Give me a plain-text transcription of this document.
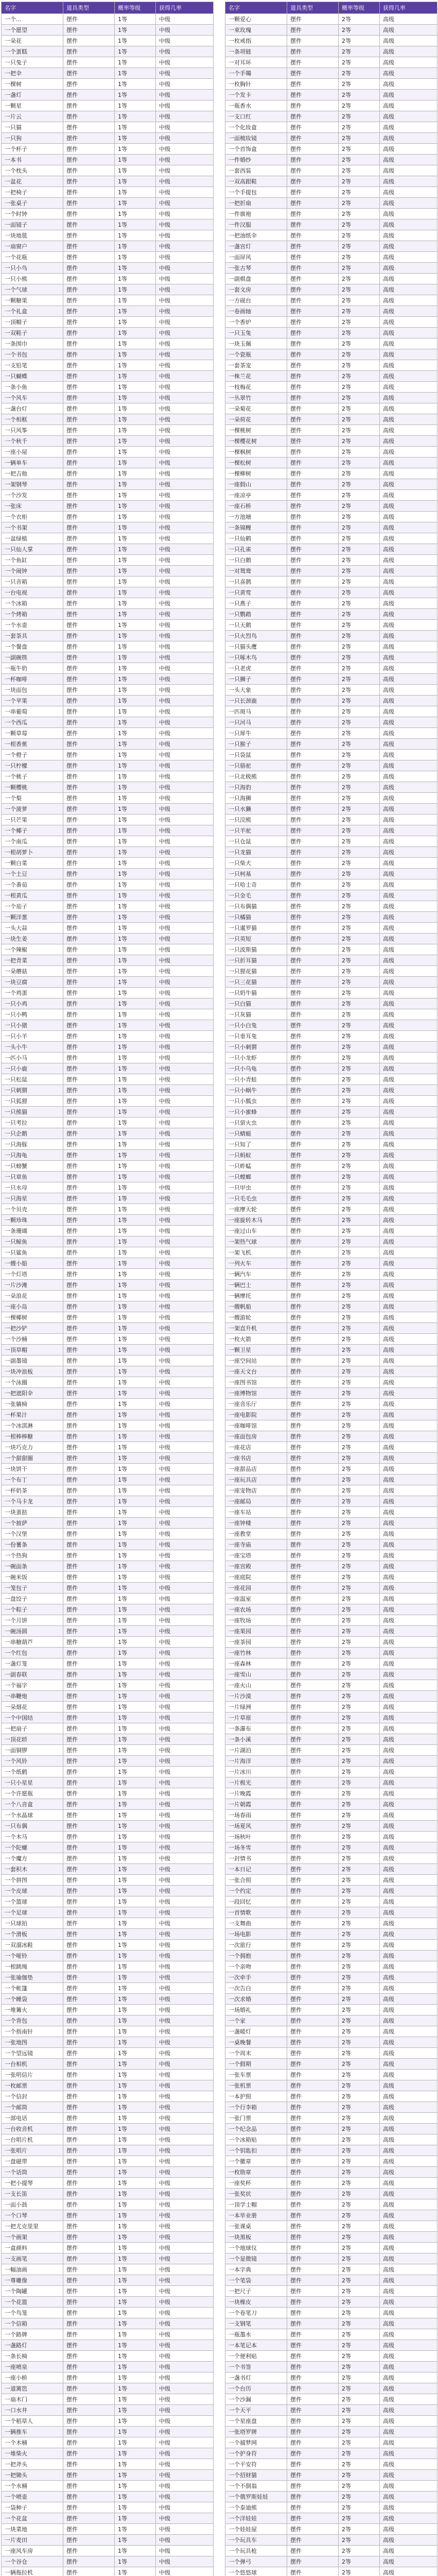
名字	道具类型	概率等级	获得几率
一个...	摆件	1等	中级
一个愿望	摆件	1等	中级
一朵花	摆件	1等	中级
一个蛋糕	摆件	1等	中级
一只兔子	摆件	1等	中级
一把伞	摆件	1等	中级
一棵树	摆件	1等	中级
一盏灯	摆件	1等	中级
一颗星	摆件	1等	中级
一片云	摆件	1等	中级
一只猫	摆件	1等	中级
一只狗	摆件	1等	中级
一个杯子	摆件	1等	中级
一本书	摆件	1等	中级
一个枕头	摆件	1等	中级
一盆花	摆件	1等	中级
一把椅子	摆件	1等	中级
一张桌子	摆件	1等	中级
一个时钟	摆件	1等	中级
一面镜子	摆件	1等	中级
一块地毯	摆件	1等	中级
一扇窗户	摆件	1等	中级
一个花瓶	摆件	1等	中级
一只小鸟	摆件	1等	中级
一只小熊	摆件	1等	中级
一个气球	摆件	1等	中级
一颗糖果	摆件	1等	中级
一个礼盒	摆件	1等	中级
一顶帽子	摆件	1等	中级
一双鞋子	摆件	1等	中级
一条围巾	摆件	1等	中级
一个书包	摆件	1等	中级
一支铅笔	摆件	1等	中级
一只蝴蝶	摆件	1等	中级
一条小鱼	摆件	1等	中级
一个风车	摆件	1等	中级
一盏台灯	摆件	1等	中级
一个相框	摆件	1等	中级
一只风筝	摆件	1等	中级
一个秋千	摆件	1等	中级
一座小屋	摆件	1等	中级
一辆单车	摆件	1等	中级
一把吉他	摆件	1等	中级
一架钢琴	摆件	1等	中级
一个沙发	摆件	1等	中级
一张床	摆件	1等	中级
一个衣柜	摆件	1等	中级
一个书架	摆件	1等	中级
一盆绿植	摆件	1等	中级
一只仙人掌	摆件	1等	中级
一个鱼缸	摆件	1等	中级
一个闹钟	摆件	1等	中级
一只音箱	摆件	1等	中级
一台电视	摆件	1等	中级
一个冰箱	摆件	1等	中级
一个烤箱	摆件	1等	中级
一个水壶	摆件	1等	中级
一套茶具	摆件	1等	中级
一个餐盘	摆件	1等	中级
一副碗筷	摆件	1等	中级
一瓶牛奶	摆件	1等	中级
一杯咖啡	摆件	1等	中级
一块面包	摆件	1等	中级
一个苹果	摆件	1等	中级
一串葡萄	摆件	1等	中级
一个西瓜	摆件	1等	中级
一颗草莓	摆件	1等	中级
一根香蕉	摆件	1等	中级
一个橙子	摆件	1等	中级
一只柠檬	摆件	1等	中级
一个桃子	摆件	1等	中级
一颗樱桃	摆件	1等	中级
一个梨	摆件	1等	中级
一个菠萝	摆件	1等	中级
一只芒果	摆件	1等	中级
一个椰子	摆件	1等	中级
一个南瓜	摆件	1等	中级
一根胡萝卜	摆件	1等	中级
一颗白菜	摆件	1等	中级
一个土豆	摆件	1等	中级
一个番茄	摆件	1等	中级
一根黄瓜	摆件	1等	中级
一个茄子	摆件	1等	中级
一颗洋葱	摆件	1等	中级
一头大蒜	摆件	1等	中级
一块生姜	摆件	1等	中级
一个辣椒	摆件	1等	中级
一把青菜	摆件	1等	中级
一朵蘑菇	摆件	1等	中级
一块豆腐	摆件	1等	中级
一个鸡蛋	摆件	1等	中级
一只小鸡	摆件	1等	中级
一只小鸭	摆件	1等	中级
一只小猪	摆件	1等	中级
一只小羊	摆件	1等	中级
一头小牛	摆件	1等	中级
一匹小马	摆件	1等	中级
一只小鹿	摆件	1等	中级
一只松鼠	摆件	1等	中级
一只刺猬	摆件	1等	中级
一只狐狸	摆件	1等	中级
一只熊猫	摆件	1等	中级
一只考拉	摆件	1等	中级
一只企鹅	摆件	1等	中级
一只海豚	摆件	1等	中级
一只海龟	摆件	1等	中级
一只螃蟹	摆件	1等	中级
一只章鱼	摆件	1等	中级
一只水母	摆件	1等	中级
一只海星	摆件	1等	中级
一个贝壳	摆件	1等	中级
一颗珍珠	摆件	1等	中级
一条珊瑚	摆件	1等	中级
一只鲸鱼	摆件	1等	中级
一只鲨鱼	摆件	1等	中级
一艘小船	摆件	1等	中级
一个灯塔	摆件	1等	中级
一片沙滩	摆件	1等	中级
一朵浪花	摆件	1等	中级
一座小岛	摆件	1等	中级
一棵椰树	摆件	1等	中级
一把沙铲	摆件	1等	中级
一个沙桶	摆件	1等	中级
一顶草帽	摆件	1等	中级
一副墨镜	摆件	1等	中级
一块冲浪板	摆件	1等	中级
一个泳圈	摆件	1等	中级
一把遮阳伞	摆件	1等	中级
一张躺椅	摆件	1等	中级
一杯果汁	摆件	1等	中级
一个冰淇淋	摆件	1等	中级
一根棒棒糖	摆件	1等	中级
一块巧克力	摆件	1等	中级
一个甜甜圈	摆件	1等	中级
一块饼干	摆件	1等	中级
一个布丁	摆件	1等	中级
一杯奶茶	摆件	1等	中级
一个马卡龙	摆件	1等	中级
一块蛋挞	摆件	1等	中级
一个披萨	摆件	1等	中级
一个汉堡	摆件	1等	中级
一份薯条	摆件	1等	中级
一个热狗	摆件	1等	中级
一碗面条	摆件	1等	中级
一碗米饭	摆件	1等	中级
一笼包子	摆件	1等	中级
一盘饺子	摆件	1等	中级
一个粽子	摆件	1等	中级
一个月饼	摆件	1等	中级
一碗汤圆	摆件	1等	中级
一串糖葫芦	摆件	1等	中级
一个红包	摆件	1等	中级
一盏灯笼	摆件	1等	中级
一副春联	摆件	1等	中级
一个福字	摆件	1等	中级
一串鞭炮	摆件	1等	中级
一朵烟花	摆件	1等	中级
一个中国结	摆件	1等	中级
一把扇子	摆件	1等	中级
一顶花轿	摆件	1等	中级
一面铜锣	摆件	1等	中级
一个风铃	摆件	1等	中级
一个纸鹤	摆件	1等	中级
一只小星星	摆件	1等	中级
一个许愿瓶	摆件	1等	中级
一个八音盒	摆件	1等	中级
一个水晶球	摆件	1等	中级
一只布偶	摆件	1等	中级
一个木马	摆件	1等	中级
一个陀螺	摆件	1等	中级
一个魔方	摆件	1等	中级
一套积木	摆件	1等	中级
一个拼图	摆件	1等	中级
一个皮球	摆件	1等	中级
一个篮球	摆件	1等	中级
一个足球	摆件	1等	中级
一只球拍	摆件	1等	中级
一个滑板	摆件	1等	中级
一双溜冰鞋	摆件	1等	中级
一个哑铃	摆件	1等	中级
一根跳绳	摆件	1等	中级
一张瑜伽垫	摆件	1等	中级
一个帐篷	摆件	1等	中级
一个睡袋	摆件	1等	中级
一堆篝火	摆件	1等	中级
一个背包	摆件	1等	中级
一个指南针	摆件	1等	中级
一张地图	摆件	1等	中级
一个望远镜	摆件	1等	中级
一台相机	摆件	1等	中级
一张明信片	摆件	1等	中级
一枚邮票	摆件	1等	中级
一个信封	摆件	1等	中级
一个邮筒	摆件	1等	中级
一部电话	摆件	1等	中级
一台收音机	摆件	1等	中级
一台唱片机	摆件	1等	中级
一张唱片	摆件	1等	中级
一盘磁带	摆件	1等	中级
一个话筒	摆件	1等	中级
一把小提琴	摆件	1等	中级
一支长笛	摆件	1等	中级
一面小鼓	摆件	1等	中级
一个口琴	摆件	1等	中级
一把尤克里里	摆件	1等	中级
一个画架	摆件	1等	中级
一盒颜料	摆件	1等	中级
一支画笔	摆件	1等	中级
一幅油画	摆件	1等	中级
一尊雕像	摆件	1等	中级
一个陶罐	摆件	1等	中级
一个花篮	摆件	1等	中级
一个鸟笼	摆件	1等	中级
一个信箱	摆件	1等	中级
一个路牌	摆件	1等	中级
一盏路灯	摆件	1等	中级
一条长椅	摆件	1等	中级
一座喷泉	摆件	1等	中级
一座小桥	摆件	1等	中级
一道篱笆	摆件	1等	中级
一扇木门	摆件	1等	中级
一口水井	摆件	1等	中级
一个稻草人	摆件	1等	中级
一辆推车	摆件	1等	中级
一个木桶	摆件	1等	中级
一堆柴火	摆件	1等	中级
一把斧头	摆件	1等	中级
一把锄头	摆件	1等	中级
一个水桶	摆件	1等	中级
一个喷壶	摆件	1等	中级
一袋种子	摆件	1等	中级
一个花盆	摆件	1等	中级
一块菜地	摆件	1等	中级
一片麦田	摆件	1等	中级
一座风车房	摆件	1等	中级
一个谷仓	摆件	1等	中级
一辆拖拉机	摆件	1等	中级

名字	道具类型	概率等级	获得几率
一颗爱心	摆件	2等	高级
一束玫瑰	摆件	2等	高级
一枚戒指	摆件	2等	高级
一条项链	摆件	2等	高级
一对耳环	摆件	2等	高级
一个手镯	摆件	2等	高级
一枚胸针	摆件	2等	高级
一个发卡	摆件	2等	高级
一瓶香水	摆件	2等	高级
一支口红	摆件	2等	高级
一个化妆盒	摆件	2等	高级
一面梳妆镜	摆件	2等	高级
一个首饰盒	摆件	2等	高级
一件婚纱	摆件	2等	高级
一套西装	摆件	2等	高级
一双高跟鞋	摆件	2等	高级
一个手提包	摆件	2等	高级
一把折扇	摆件	2等	高级
一件旗袍	摆件	2等	高级
一件汉服	摆件	2等	高级
一把油纸伞	摆件	2等	高级
一盏宫灯	摆件	2等	高级
一面屏风	摆件	2等	高级
一张古琴	摆件	2等	高级
一副棋盘	摆件	2等	高级
一套文房	摆件	2等	高级
一方砚台	摆件	2等	高级
一卷画轴	摆件	2等	高级
一个香炉	摆件	2等	高级
一只玉兔	摆件	2等	高级
一块玉佩	摆件	2等	高级
一个瓷瓶	摆件	2等	高级
一套茶宠	摆件	2等	高级
一株兰花	摆件	2等	高级
一枝梅花	摆件	2等	高级
一丛翠竹	摆件	2等	高级
一朵菊花	摆件	2等	高级
一朵荷花	摆件	2等	高级
一棵桃树	摆件	2等	高级
一棵樱花树	摆件	2等	高级
一棵枫树	摆件	2等	高级
一棵松树	摆件	2等	高级
一棵柳树	摆件	2等	高级
一座假山	摆件	2等	高级
一座凉亭	摆件	2等	高级
一座石桥	摆件	2等	高级
一方池塘	摆件	2等	高级
一条锦鲤	摆件	2等	高级
一只仙鹤	摆件	2等	高级
一只孔雀	摆件	2等	高级
一只白鹅	摆件	2等	高级
一对鸳鸯	摆件	2等	高级
一只喜鹊	摆件	2等	高级
一只黄莺	摆件	2等	高级
一只燕子	摆件	2等	高级
一只鹦鹉	摆件	2等	高级
一只天鹅	摆件	2等	高级
一只火烈鸟	摆件	2等	高级
一只猫头鹰	摆件	2等	高级
一只啄木鸟	摆件	2等	高级
一只老虎	摆件	2等	高级
一只狮子	摆件	2等	高级
一头大象	摆件	2等	高级
一只长颈鹿	摆件	2等	高级
一匹斑马	摆件	2等	高级
一只河马	摆件	2等	高级
一只犀牛	摆件	2等	高级
一只猴子	摆件	2等	高级
一只袋鼠	摆件	2等	高级
一只骆驼	摆件	2等	高级
一只北极熊	摆件	2等	高级
一只海豹	摆件	2等	高级
一只海狮	摆件	2等	高级
一只水獭	摆件	2等	高级
一只浣熊	摆件	2等	高级
一只羊驼	摆件	2等	高级
一只仓鼠	摆件	2等	高级
一只龙猫	摆件	2等	高级
一只柴犬	摆件	2等	高级
一只柯基	摆件	2等	高级
一只哈士奇	摆件	2等	高级
一只金毛	摆件	2等	高级
一只布偶猫	摆件	2等	高级
一只橘猫	摆件	2等	高级
一只暹罗猫	摆件	2等	高级
一只英短	摆件	2等	高级
一只波斯猫	摆件	2等	高级
一只折耳猫	摆件	2等	高级
一只狸花猫	摆件	2等	高级
一只三花猫	摆件	2等	高级
一只奶牛猫	摆件	2等	高级
一只白猫	摆件	2等	高级
一只灰猫	摆件	2等	高级
一只小白兔	摆件	2等	高级
一只垂耳兔	摆件	2等	高级
一只小刺猬	摆件	2等	高级
一只小龙虾	摆件	2等	高级
一只小乌龟	摆件	2等	高级
一只小青蛙	摆件	2等	高级
一只小蜗牛	摆件	2等	高级
一只小瓢虫	摆件	2等	高级
一只小蜜蜂	摆件	2等	高级
一只萤火虫	摆件	2等	高级
一只蜻蜓	摆件	2等	高级
一只知了	摆件	2等	高级
一只蚂蚁	摆件	2等	高级
一只蚱蜢	摆件	2等	高级
一只螳螂	摆件	2等	高级
一只甲虫	摆件	2等	高级
一只毛毛虫	摆件	2等	高级
一座摩天轮	摆件	2等	高级
一座旋转木马	摆件	2等	高级
一座过山车	摆件	2等	高级
一架热气球	摆件	2等	高级
一架飞机	摆件	2等	高级
一列火车	摆件	2等	高级
一辆汽车	摆件	2等	高级
一辆巴士	摆件	2等	高级
一辆摩托	摆件	2等	高级
一艘帆船	摆件	2等	高级
一艘游轮	摆件	2等	高级
一架直升机	摆件	2等	高级
一枚火箭	摆件	2等	高级
一颗卫星	摆件	2等	高级
一座空间站	摆件	2等	高级
一座天文台	摆件	2等	高级
一座图书馆	摆件	2等	高级
一座博物馆	摆件	2等	高级
一座音乐厅	摆件	2等	高级
一座电影院	摆件	2等	高级
一座咖啡馆	摆件	2等	高级
一座面包房	摆件	2等	高级
一座花店	摆件	2等	高级
一座书店	摆件	2等	高级
一座甜品店	摆件	2等	高级
一座玩具店	摆件	2等	高级
一座宠物店	摆件	2等	高级
一座邮局	摆件	2等	高级
一座车站	摆件	2等	高级
一座钟楼	摆件	2等	高级
一座教堂	摆件	2等	高级
一座寺庙	摆件	2等	高级
一座宝塔	摆件	2等	高级
一座宫殿	摆件	2等	高级
一座庭院	摆件	2等	高级
一座花园	摆件	2等	高级
一座温室	摆件	2等	高级
一座农场	摆件	2等	高级
一座牧场	摆件	2等	高级
一座果园	摆件	2等	高级
一座茶园	摆件	2等	高级
一座竹林	摆件	2等	高级
一座森林	摆件	2等	高级
一座雪山	摆件	2等	高级
一座火山	摆件	2等	高级
一片沙漠	摆件	2等	高级
一片绿洲	摆件	2等	高级
一片草原	摆件	2等	高级
一条瀑布	摆件	2等	高级
一条小溪	摆件	2等	高级
一片湖泊	摆件	2等	高级
一片海洋	摆件	2等	高级
一片冰川	摆件	2等	高级
一片极光	摆件	2等	高级
一片晚霞	摆件	2等	高级
一片朝霞	摆件	2等	高级
一场春雨	摆件	2等	高级
一场夏风	摆件	2等	高级
一场秋叶	摆件	2等	高级
一场冬雪	摆件	2等	高级
一封情书	摆件	2等	高级
一本日记	摆件	2等	高级
一张合照	摆件	2等	高级
一个约定	摆件	2等	高级
一段回忆	摆件	2等	高级
一首情歌	摆件	2等	高级
一支舞曲	摆件	2等	高级
一场电影	摆件	2等	高级
一次旅行	摆件	2等	高级
一个拥抱	摆件	2等	高级
一个亲吻	摆件	2等	高级
一次牵手	摆件	2等	高级
一次告白	摆件	2等	高级
一次求婚	摆件	2等	高级
一场婚礼	摆件	2等	高级
一个家	摆件	2等	高级
一盏暖灯	摆件	2等	高级
一桌晚餐	摆件	2等	高级
一个周末	摆件	2等	高级
一个假期	摆件	2等	高级
一张车票	摆件	2等	高级
一张机票	摆件	2等	高级
一本护照	摆件	2等	高级
一个行李箱	摆件	2等	高级
一张门票	摆件	2等	高级
一个纪念品	摆件	2等	高级
一个冰箱贴	摆件	2等	高级
一个钥匙扣	摆件	2等	高级
一个徽章	摆件	2等	高级
一枚勋章	摆件	2等	高级
一座奖杯	摆件	2等	高级
一张奖状	摆件	2等	高级
一顶学士帽	摆件	2等	高级
一本毕业册	摆件	2等	高级
一张课桌	摆件	2等	高级
一块黑板	摆件	2等	高级
一个地球仪	摆件	2等	高级
一个显微镜	摆件	2等	高级
一本字典	摆件	2等	高级
一个笔袋	摆件	2等	高级
一把尺子	摆件	2等	高级
一块橡皮	摆件	2等	高级
一个卷笔刀	摆件	2等	高级
一支钢笔	摆件	2等	高级
一瓶墨水	摆件	2等	高级
一本笔记本	摆件	2等	高级
一个便利贴	摆件	2等	高级
一个书签	摆件	2等	高级
一盏书灯	摆件	2等	高级
一个台历	摆件	2等	高级
一个沙漏	摆件	2等	高级
一个天平	摆件	2等	高级
一个星座盘	摆件	2等	高级
一张塔罗牌	摆件	2等	高级
一个捕梦网	摆件	2等	高级
一个护身符	摆件	2等	高级
一个平安符	摆件	2等	高级
一个招财猫	摆件	2等	高级
一个不倒翁	摆件	2等	高级
一个俄罗斯娃娃	摆件	2等	高级
一个泰迪熊	摆件	2等	高级
一个洋娃娃	摆件	2等	高级
一个娃娃屋	摆件	2等	高级
一个玩具车	摆件	2等	高级
一个玩具枪	摆件	2等	高级
一个弹弓	摆件	2等	高级
一个悠悠球	摆件	2等	高级
